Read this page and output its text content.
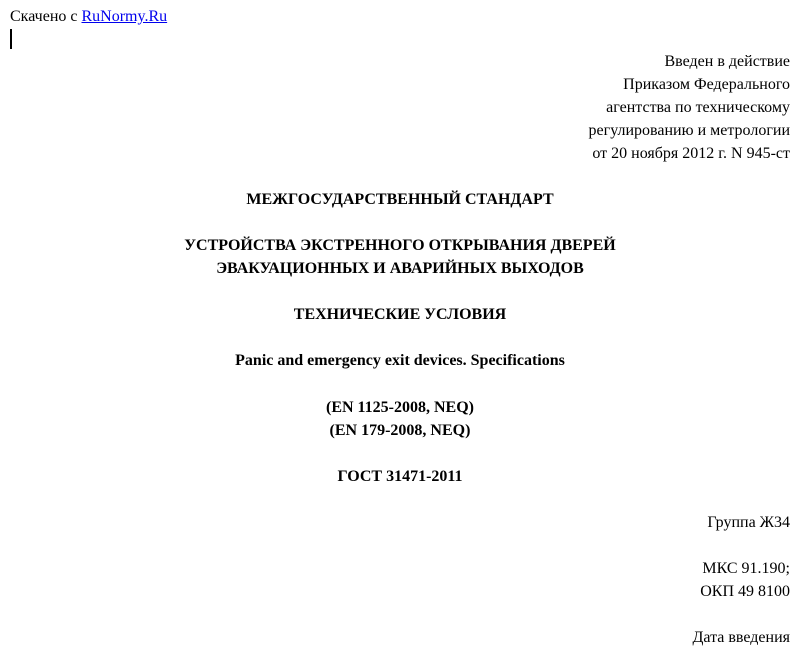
Скачено с RuNormy.Ru
Введен в действие
Приказом Федерального
агентства по техническому
регулированию и метрологии
от 20 ноября 2012 г. N 945-ст
МЕЖГОСУДАРСТВЕННЫЙ СТАНДАРТ
УСТРОЙСТВА ЭКСТРЕННОГО ОТКРЫВАНИЯ ДВЕРЕЙ
ЭВАКУАЦИОННЫХ И АВАРИЙНЫХ ВЫХОДОВ
ТЕХНИЧЕСКИЕ УСЛОВИЯ
Panic and emergency exit devices. Specifications
(EN 1125-2008, NEQ)
(EN 179-2008, NEQ)
ГОСТ 31471-2011
Группа Ж34
МКС 91.190;
ОКП 49 8100
Дата введения
